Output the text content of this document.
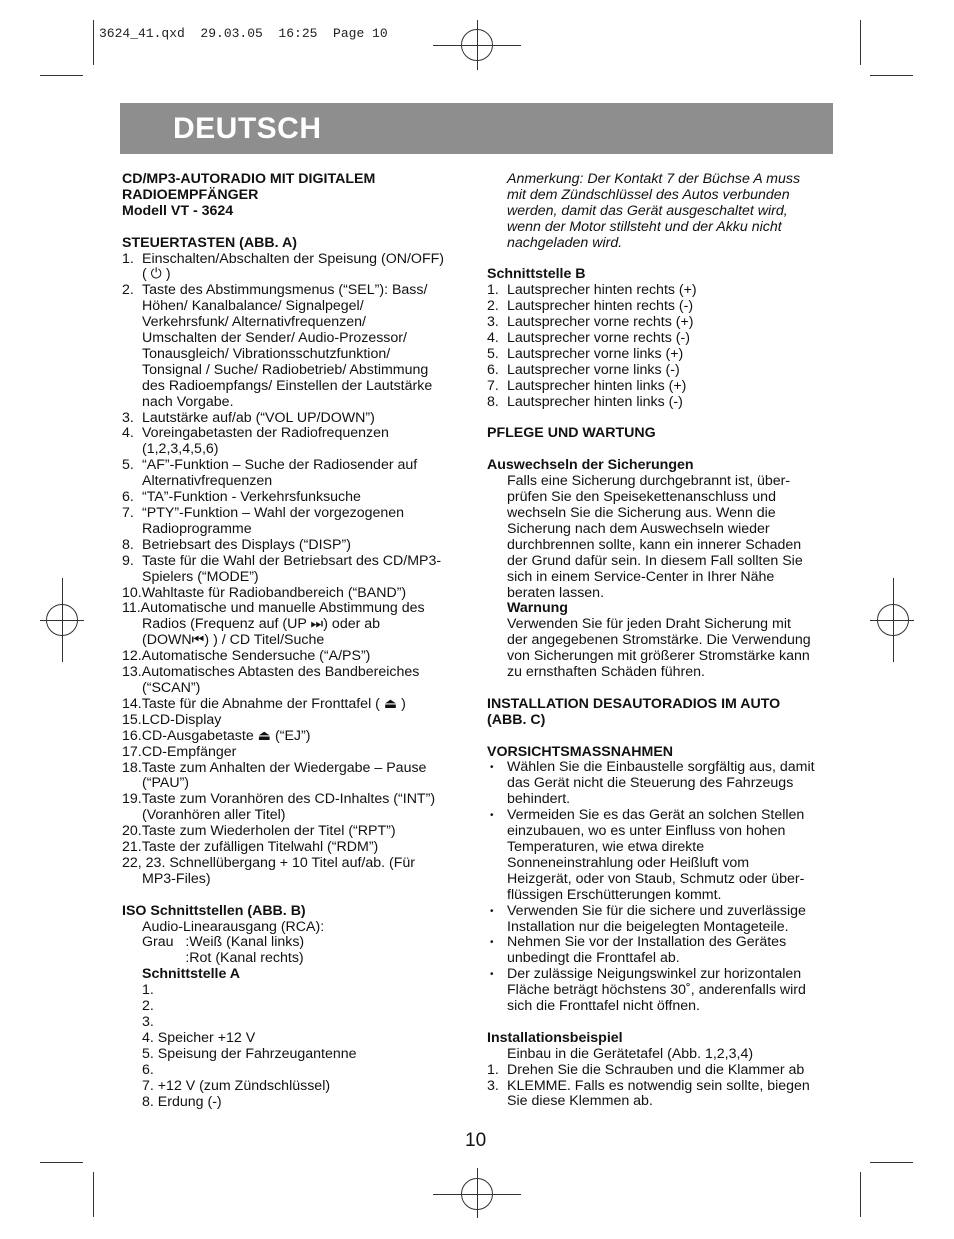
3624_41.qxd  29.03.05  16:25  Page 10
DEUTSCH

CD/MP3-AUTORADIO MIT DIGITALEM

RADIOEMPFÄNGER

Modell VT - 3624

STEUERTASTEN (ABB. A)

1. Einschalten/Abschalten der Speisung (ON/OFF)
( ⏻ )
2. Taste des Abstimmungsmenus (“SEL”): Bass/
Höhen/ Kanalbalance/ Signalpegel/
Verkehrsfunk/ Alternativfrequenzen/
Umschalten der Sender/ Audio-Prozessor/
Tonausgleich/ Vibrationsschutzfunktion/
Tonsignal / Suche/ Radiobetrieb/ Abstimmung
des Radioempfangs/ Einstellen der Lautstärke
nach Vorgabe.
3. Lautstärke auf/ab (“VOL UP/DOWN”)
4. Voreingabetasten der Radiofrequenzen
(1,2,3,4,5,6)
5. “AF”-Funktion – Suche der Radiosender auf
Alternativfrequenzen
6. “TA”-Funktion - Verkehrsfunksuche
7. “PTY”-Funktion – Wahl der vorgezogenen
Radioprogramme
8. Betriebsart des Displays (“DISP”)
9. Taste für die Wahl der Betriebsart des CD/MP3-
Spielers (“MODE”)
10.Wahltaste für Radiobandbereich (“BAND”)
11.Automatische und manuelle Abstimmung des
Radios (Frequenz auf (UP ⏭) oder ab
(DOWN⏮) ) / CD Titel/Suche
12.Automatische Sendersuche (“A/PS”)
13.Automatisches Abtasten des Bandbereiches
(“SCAN”)
14.Taste für die Abnahme der Fronttafel ( ⏏ )
15.LCD-Display
16.CD-Ausgabetaste ⏏ (“EJ”)
17.CD-Empfänger
18.Taste zum Anhalten der Wiedergabe – Pause
(“PAU”)
19.Taste zum Voranhören des CD-Inhaltes (“INT”)
(Voranhören aller Titel)
20.Taste zum Wiederholen der Titel (“RPT”)
21.Taste der zufälligen Titelwahl (“RDM”)
22, 23. Schnellübergang + 10 Titel auf/ab. (Für
MP3-Files)

ISO Schnittstellen (ABB. B)

Audio-Linearausgang (RCA):

Grau   :Weiß (Kanal links)

:Rot (Kanal rechts)

Schnittstelle A

1.

2.

3.

4. Speicher +12 V

5. Speisung der Fahrzeugantenne

6.

7. +12 V (zum Zündschlüssel)

8. Erdung (-)

Anmerkung: Der Kontakt 7 der Büchse A muss

mit dem Zündschlüssel des Autos verbunden

werden, damit das Gerät ausgeschaltet wird,

wenn der Motor stillsteht und der Akku nicht

nachgeladen wird.

Schnittstelle B

1. Lautsprecher hinten rechts (+)
2. Lautsprecher hinten rechts (-)
3. Lautsprecher vorne rechts (+)
4. Lautsprecher vorne rechts (-)
5. Lautsprecher vorne links (+)
6. Lautsprecher vorne links (-)
7. Lautsprecher hinten links (+)
8. Lautsprecher hinten links (-)

PFLEGE UND WARTUNG

Auswechseln der Sicherungen

Falls eine Sicherung durchgebrannt ist, über-

prüfen Sie den Speisekettenanschluss und

wechseln Sie die Sicherung aus. Wenn die

Sicherung nach dem Auswechseln wieder

durchbrennen sollte, kann ein innerer Schaden

der Grund dafür sein. In diesem Fall sollten Sie

sich in einem Service-Center in Ihrer Nähe

beraten lassen.

Warnung

Verwenden Sie für jeden Draht Sicherung mit

der angegebenen Stromstärke. Die Verwendung

von Sicherungen mit größerer Stromstärke kann

zu ernsthaften Schäden führen.

INSTALLATION DESAUTORADIOS IM AUTO

(ABB. C)

VORSICHTSMASSNAHMEN

• Wählen Sie die Einbaustelle sorgfältig aus, damit
das Gerät nicht die Steuerung des Fahrzeugs
behindert.
• Vermeiden Sie es das Gerät an solchen Stellen
einzubauen, wo es unter Einfluss von hohen
Temperaturen, wie etwa direkte
Sonneneinstrahlung oder Heißluft vom
Heizgerät, oder von Staub, Schmutz oder über-
flüssigen Erschütterungen kommt.
• Verwenden Sie für die sichere und zuverlässige
Installation nur die beigelegten Montageteile.
• Nehmen Sie vor der Installation des Gerätes
unbedingt die Fronttafel ab.
• Der zulässige Neigungswinkel zur horizontalen
Fläche beträgt höchstens 30˚, anderenfalls wird
sich die Fronttafel nicht öffnen.

Installationsbeispiel

Einbau in die Gerätetafel (Abb. 1,2,3,4)

1. Drehen Sie die Schrauben und die Klammer ab
3. KLEMME. Falls es notwendig sein sollte, biegen

Sie diese Klemmen ab.

10
